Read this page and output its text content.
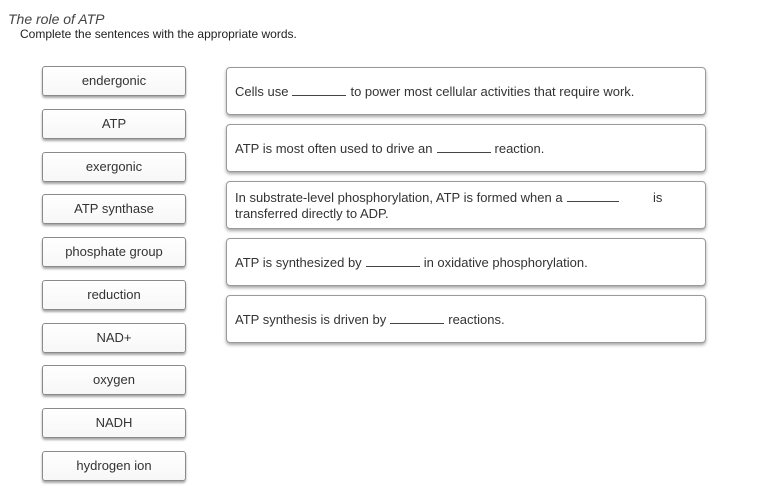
The role of ATP
Complete the sentences with the appropriate words.
endergonic
ATP
exergonic
ATP synthase
phosphate group
reduction
NAD+
oxygen
NADH
hydrogen ion
Cells use	to power most cellular activities that require work.
ATP is most often used to drive an	reaction.
In substrate-level phosphorylation, ATP is formed when a	is
transferred directly to ADP.
ATP is synthesized by	in oxidative phosphorylation.
ATP synthesis is driven by	reactions.
